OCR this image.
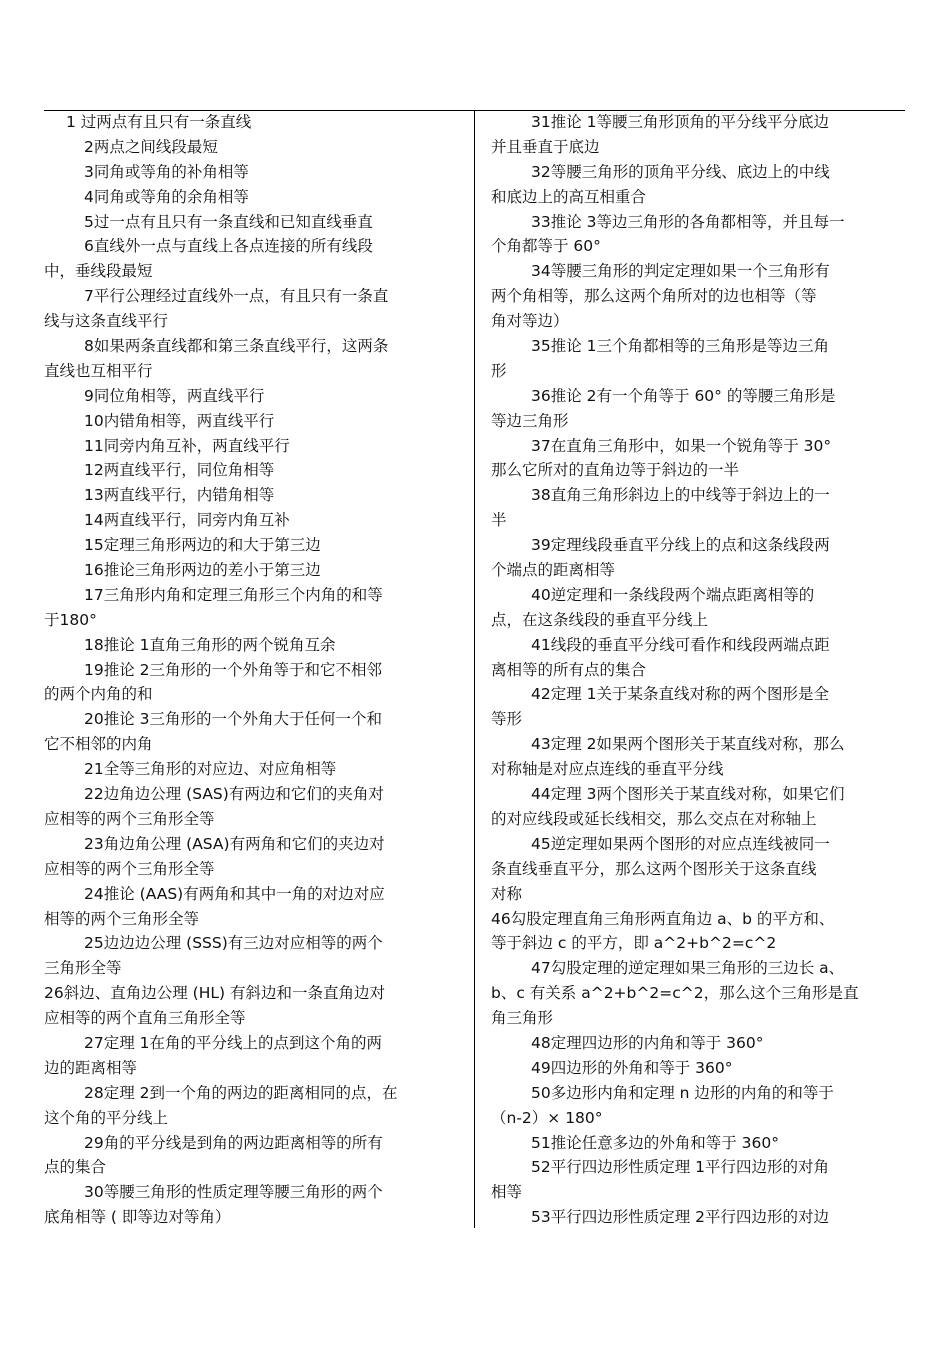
1 过两点有且只有一条直线
2两点之间线段最短
3同角或等角的补角相等
4同角或等角的余角相等
5过一点有且只有一条直线和已知直线垂直
6直线外一点与直线上各点连接的所有线段
中，垂线段最短
7平行公理经过直线外一点，有且只有一条直
线与这条直线平行
8如果两条直线都和第三条直线平行，这两条
直线也互相平行
9同位角相等，两直线平行
10内错角相等，两直线平行
11同旁内角互补，两直线平行
12两直线平行，同位角相等
13两直线平行，内错角相等
14两直线平行，同旁内角互补
15定理三角形两边的和大于第三边
16推论三角形两边的差小于第三边
17三角形内角和定理三角形三个内角的和等
于180°
18推论 1直角三角形的两个锐角互余
19推论 2三角形的一个外角等于和它不相邻
的两个内角的和
20推论 3三角形的一个外角大于任何一个和
它不相邻的内角
21全等三角形的对应边、对应角相等
22边角边公理 (SAS)有两边和它们的夹角对
应相等的两个三角形全等
23角边角公理 (ASA)有两角和它们的夹边对
应相等的两个三角形全等
24推论 (AAS)有两角和其中一角的对边对应
相等的两个三角形全等
25边边边公理 (SSS)有三边对应相等的两个
三角形全等
26斜边、直角边公理 (HL) 有斜边和一条直角边对
应相等的两个直角三角形全等
27定理 1在角的平分线上的点到这个角的两
边的距离相等
28定理 2到一个角的两边的距离相同的点，在
这个角的平分线上
29角的平分线是到角的两边距离相等的所有
点的集合
30等腰三角形的性质定理等腰三角形的两个
底角相等 ( 即等边对等角）
31推论 1等腰三角形顶角的平分线平分底边
并且垂直于底边
32等腰三角形的顶角平分线、底边上的中线
和底边上的高互相重合
33推论 3等边三角形的各角都相等，并且每一
个角都等于 60°
34等腰三角形的判定定理如果一个三角形有
两个角相等，那么这两个角所对的边也相等（等
角对等边）
35推论 1三个角都相等的三角形是等边三角
形
36推论 2有一个角等于 60° 的等腰三角形是
等边三角形
37在直角三角形中，如果一个锐角等于 30°
那么它所对的直角边等于斜边的一半
38直角三角形斜边上的中线等于斜边上的一
半
39定理线段垂直平分线上的点和这条线段两
个端点的距离相等
40逆定理和一条线段两个端点距离相等的
点，在这条线段的垂直平分线上
41线段的垂直平分线可看作和线段两端点距
离相等的所有点的集合
42定理 1关于某条直线对称的两个图形是全
等形
43定理 2如果两个图形关于某直线对称，那么
对称轴是对应点连线的垂直平分线
44定理 3两个图形关于某直线对称，如果它们
的对应线段或延长线相交，那么交点在对称轴上
45逆定理如果两个图形的对应点连线被同一
条直线垂直平分，那么这两个图形关于这条直线
对称
46勾股定理直角三角形两直角边 a、b 的平方和、
等于斜边 c 的平方，即 a^2+b^2=c^2
47勾股定理的逆定理如果三角形的三边长 a、
b、c 有关系 a^2+b^2=c^2，那么这个三角形是直
角三角形
48定理四边形的内角和等于 360°
49四边形的外角和等于 360°
50多边形内角和定理 n 边形的内角的和等于
（n-2）× 180°
51推论任意多边的外角和等于 360°
52平行四边形性质定理 1平行四边形的对角
相等
53平行四边形性质定理 2平行四边形的对边
